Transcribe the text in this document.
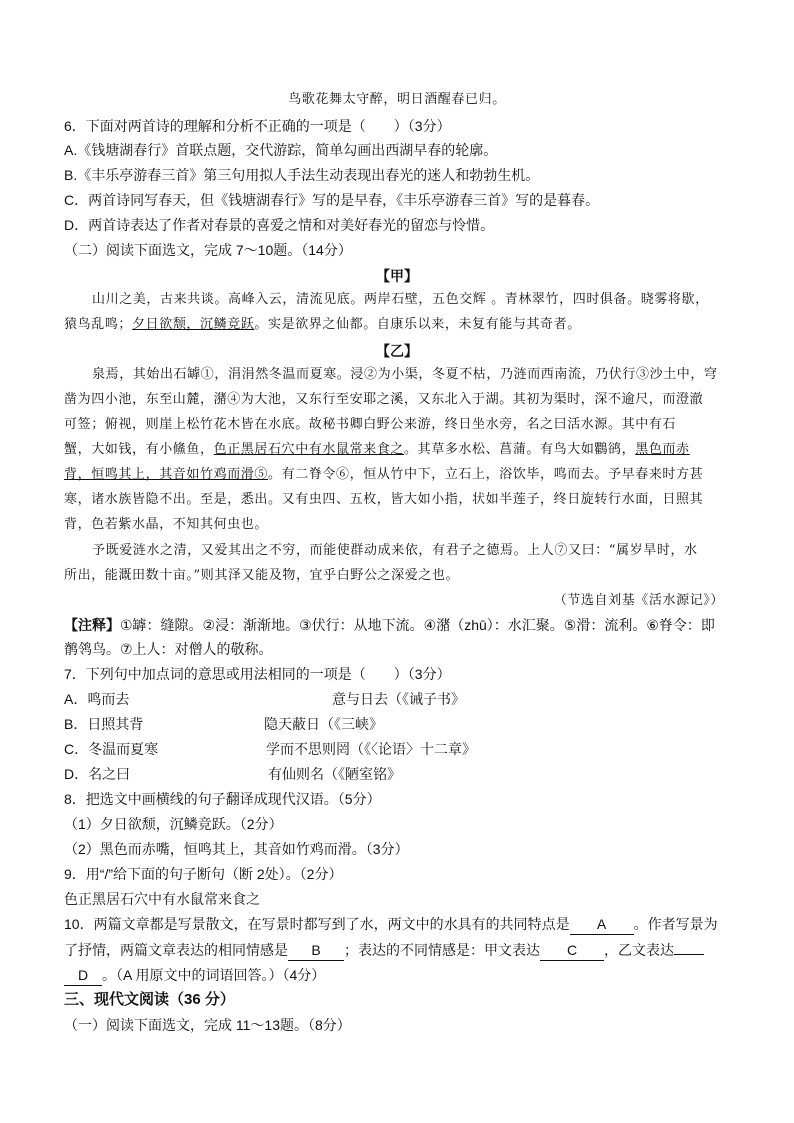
鸟歌花舞太守醉，明日酒醒春已归。
6．下面对两首诗的理解和分析不正确的一项是（　　）（3分）
A.《钱塘湖春行》首联点题，交代游踪，简单勾画出西湖早春的轮廓。
B.《丰乐亭游春三首》第三句用拟人手法生动表现出春光的迷人和勃勃生机。
C．两首诗同写春天，但《钱塘湖春行》写的是早春，《丰乐亭游春三首》写的是暮春。
D．两首诗表达了作者对春景的喜爱之情和对美好春光的留恋与怜惜。
（二）阅读下面选文，完成 7～10题。（14分）
【甲】
山川之美，古来共谈。高峰入云，清流见底。两岸石壁，五色交辉 。青林翠竹，四时俱备。晓雾将歇，
猿鸟乱鸣；夕日欲颓，沉鳞竞跃。实是欲界之仙都。自康乐以来，未复有能与其奇者。
【乙】
泉焉，其始出石罅①，涓涓然冬温而夏寒。浸②为小渠，冬夏不枯，乃涟而西南流，乃伏行③沙土中，穹
凿为四小池，东至山麓，潴④为大池，又东行至安耶之溪，又东北入于湖。其初为渠时，深不逾尺，而澄澈
可签；俯视，则崖上松竹花木皆在水底。故秘书卿白野公来游，终日坐水旁，名之曰活水源。其中有石
蟹，大如钱，有小鯈鱼，色正黑居石穴中有水鼠常来食之。其草多水松、菖蒲。有鸟大如鸜鹆，黑色而赤
背，恒鸣其上，其音如竹鸡而滑⑤。有二脊令⑥，恒从竹中下，立石上，浴饮毕，鸣而去。予早春来时方甚
寒，诸水族皆隐不出。至是，悉出。又有虫四、五枚，皆大如小指，状如半莲子，终日旋转行水面，日照其
背，色若紫水晶，不知其何虫也。
予既爱涟水之清，又爱其出之不穷，而能使群动成来依，有君子之德焉。上人⑦又曰：“属岁旱时，水
所出，能溉田数十亩。”则其泽又能及物，宜乎白野公之深爱之也。
（节选自刘基《活水源记》）
【注释】①罅：缝隙。②浸：渐渐地。③伏行：从地下流。④潴（zhū）：水汇聚。⑤滑：流利。⑥脊令：即
鹡鸰鸟。⑦上人：对僧人的敬称。
7．下列句中加点词的意思或用法相同的一项是（　　）（3分）
A．鸣而去	意与日去（《诫子书》
B．日照其背	隐天蔽日（《三峡》
C．冬温而夏寒	学而不思则罔（《〈论语〉十二章》
D．名之曰	有仙则名（《陋室铭》
8．把选文中画横线的句子翻译成现代汉语。（5分）
（1）夕日欲颓，沉鳞竞跃。（2分）
（2）黑色而赤嘴，恒鸣其上，其音如竹鸡而滑。（3分）
9．用“/”给下面的句子断句（断 2处）。（2分）
色正黑居石穴中有水鼠常来食之
10．两篇文章都是写景散文，在写景时都写到了水，两文中的水具有的共同特点是 A 。作者写景为
了抒情，两篇文章表达的相同情感是 B ；表达的不同情感是：甲文表达 C ，乙文表达
D 。（A 用原文中的词语回答。）（4分）
三、现代文阅读（36 分）
（一）阅读下面选文，完成 11～13题。（8分）
